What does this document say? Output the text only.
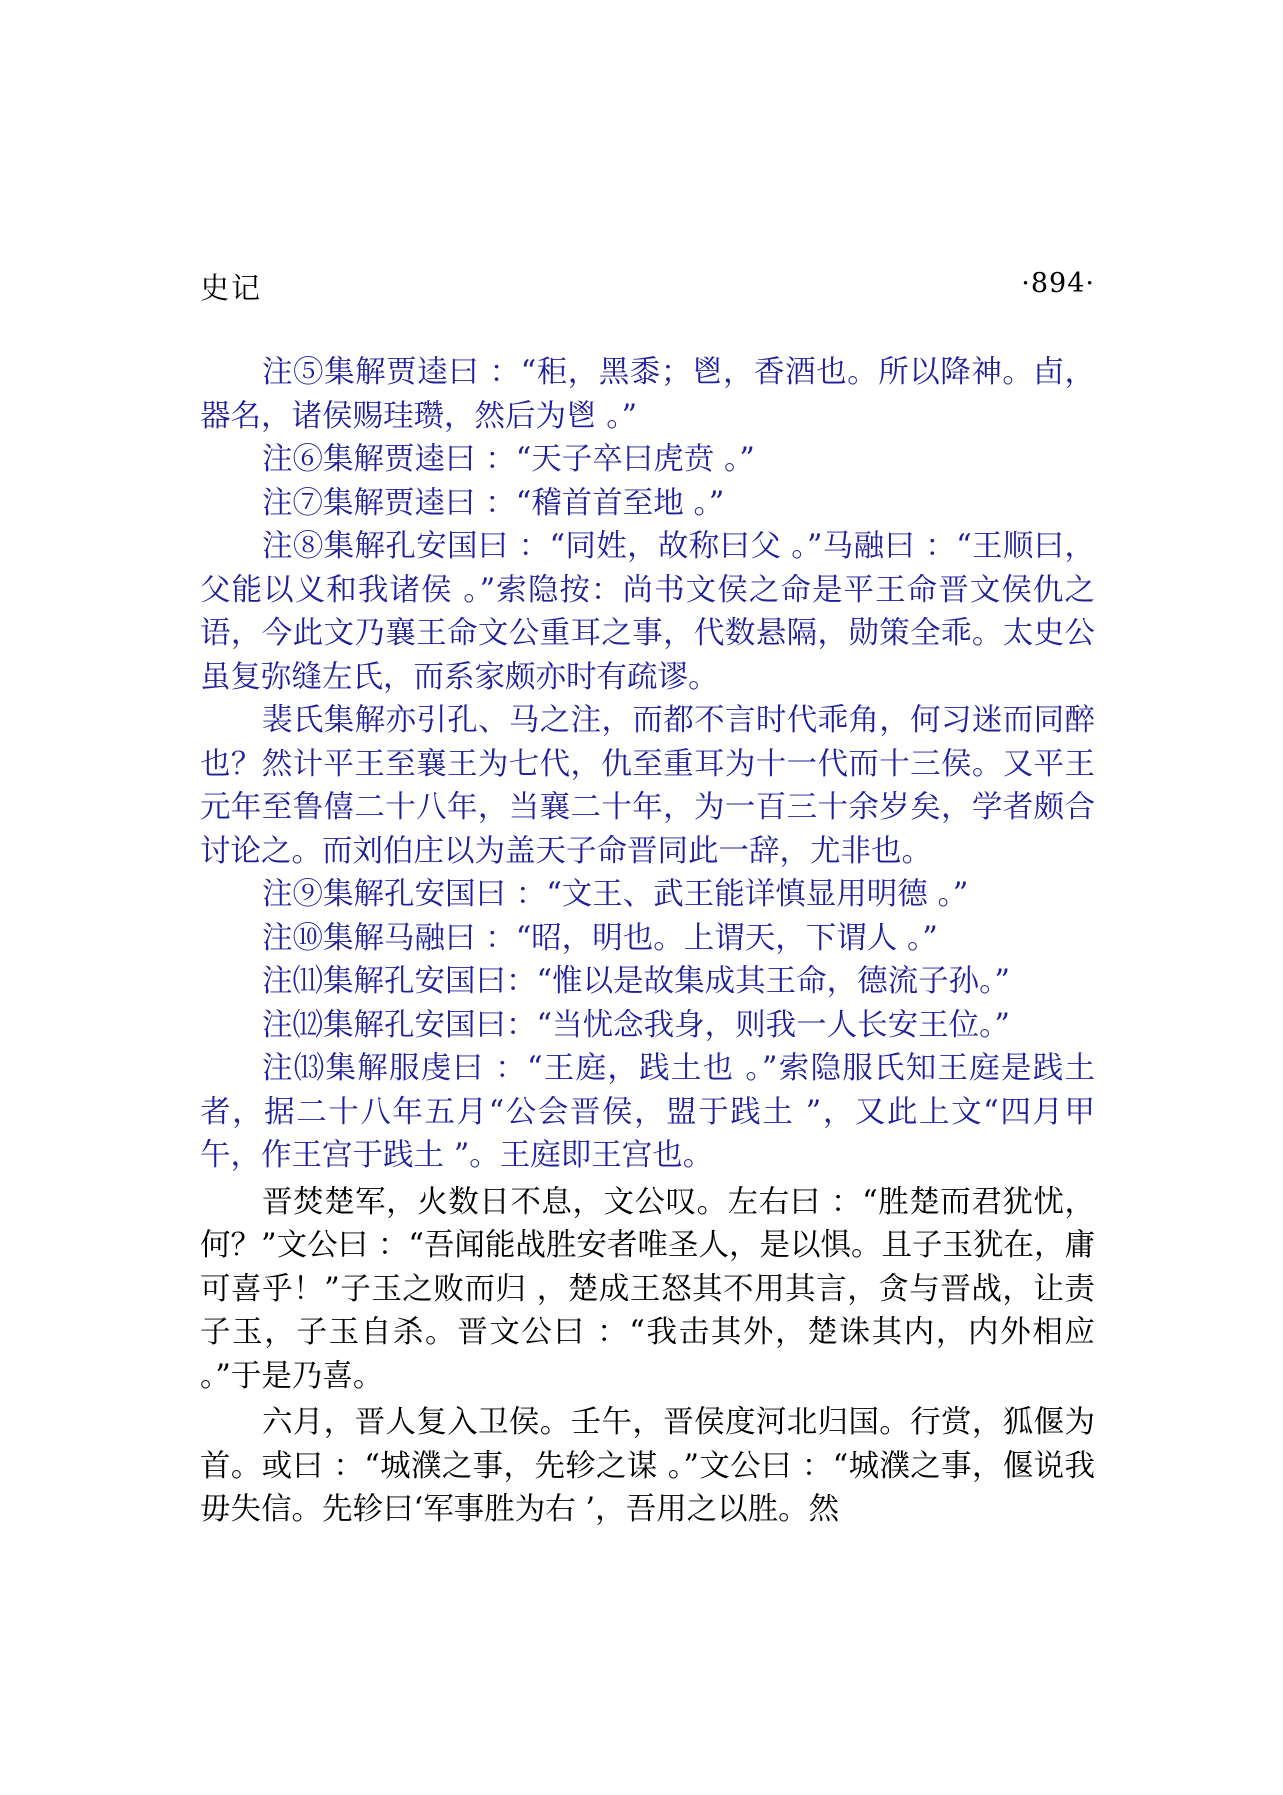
史记	·894·

注⑤集解贾逵曰 ：“秬，黑黍；鬯，香酒也。所以降神。卣，器名，诸侯赐珪瓒，然后为鬯 。”

注⑥集解贾逵曰 ：“天子卒曰虎贲 。”

注⑦集解贾逵曰 ：“稽首首至地 。”

注⑧集解孔安国曰 ：“同姓，故称曰父 。”马融曰 ：“王顺曰，父能以义和我诸侯 。”索隐按：尚书文侯之命是平王命晋文侯仇之语，今此文乃襄王命文公重耳之事，代数悬隔，勋策全乖。太史公虽复弥缝左氏，而系家颇亦时有疏谬。

裴氏集解亦引孔、马之注，而都不言时代乖角，何习迷而同醉也？然计平王至襄王为七代，仇至重耳为十一代而十三侯。又平王元年至鲁僖二十八年，当襄二十年，为一百三十余岁矣，学者颇合讨论之。而刘伯庄以为盖天子命晋同此一辞，尤非也。

注⑨集解孔安国曰 ：“文王、武王能详慎显用明德 。”

注⑩集解马融曰 ：“昭，明也。上谓天，下谓人 。”

注⑾集解孔安国曰：“惟以是故集成其王命，德流子孙。”

注⑿集解孔安国曰：“当忧念我身，则我一人长安王位。”

注⒀集解服虔曰 ：“王庭，践土也 。”索隐服氏知王庭是践土者，据二十八年五月“公会晋侯，盟于践土 ”，又此上文“四月甲午，作王宫于践土 ”。王庭即王宫也。

晋焚楚军，火数日不息，文公叹。左右曰 ：“胜楚而君犹忧，何？”文公曰 ：“吾闻能战胜安者唯圣人，是以惧。且子玉犹在，庸可喜乎！”子玉之败而归 ，楚成王怒其不用其言，贪与晋战，让责子玉，子玉自杀。晋文公曰 ：“我击其外，楚诛其内，内外相应 。”于是乃喜。

六月，晋人复入卫侯。壬午，晋侯度河北归国。行赏，狐偃为首。或曰 ：“城濮之事，先轸之谋 。”文公曰 ：“城濮之事，偃说我毋失信。先轸曰‘军事胜为右 ’，吾用之以胜。然
